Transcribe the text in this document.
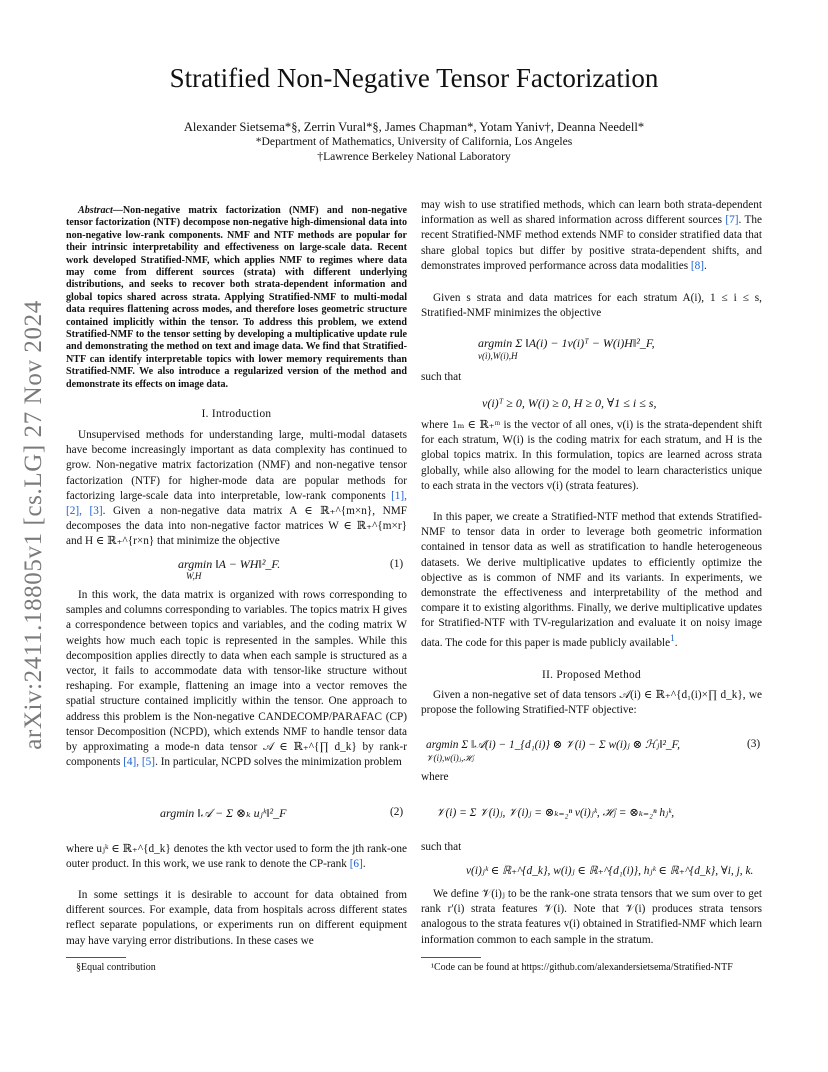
arXiv:2411.18805v1 [cs.LG] 27 Nov 2024
Stratified Non-Negative Tensor Factorization
Alexander Sietsema*§, Zerrin Vural*§, James Chapman*, Yotam Yaniv†, Deanna Needell*
*Department of Mathematics, University of California, Los Angeles
†Lawrence Berkeley National Laboratory

Abstract—Non-negative matrix factorization (NMF) and non-negative tensor factorization (NTF) decompose non-negative high-dimensional data into non-negative low-rank components. NMF and NTF methods are popular for their intrinsic interpretability and effectiveness on large-scale data. Recent work developed Stratified-NMF, which applies NMF to regimes where data may come from different sources (strata) with different underlying distributions, and seeks to recover both strata-dependent information and global topics shared across strata. Applying Stratified-NMF to multi-modal data requires flattening across modes, and therefore loses geometric structure contained implicitly within the tensor. To address this problem, we extend Stratified-NMF to the tensor setting by developing a multiplicative update rule and demonstrating the method on text and image data. We find that Stratified-NTF can identify interpretable topics with lower memory requirements than Stratified-NMF. We also introduce a regularized version of the method and demonstrate its effects on image data.

I. Introduction

Unsupervised methods for understanding large, multi-modal datasets have become increasingly important as data complexity has continued to grow. Non-negative matrix factorization (NMF) and non-negative tensor factorization (NTF) for higher-mode data are popular methods for factorizing large-scale data into interpretable, low-rank components [1], [2], [3]. Given a non-negative data matrix A ∈ ℝ₊^{m×n}, NMF decomposes the data into non-negative factor matrices W ∈ ℝ₊^{m×r} and H ∈ ℝ₊^{r×n} that minimize the objective

argmin ‖A − WH‖²_F.
W,H
(1)

In this work, the data matrix is organized with rows corresponding to samples and columns corresponding to variables. The topics matrix H gives a correspondence between topics and variables, and the coding matrix W weights how much each topic is represented in the samples. While this decomposition applies directly to data when each sample is structured as a vector, it fails to accommodate data with tensor-like structure without reshaping. For example, flattening an image into a vector removes the spatial structure contained implicitly within the tensor. One approach to address this problem is the Non-negative CANDECOMP/PARAFAC (CP) tensor Decomposition (NCPD), which extends NMF to handle tensor data by approximating a mode-n data tensor 𝒜 ∈ ℝ₊^{∏ d_k} by rank-r components [4], [5]. In particular, NCPD solves the minimization problem

argmin ‖𝒜 − Σ ⊗ₖ uⱼᵏ‖²_F	(2)

where uⱼᵏ ∈ ℝ₊^{d_k} denotes the kth vector used to form the jth rank-one outer product. In this work, we use rank to denote the CP-rank [6].

In some settings it is desirable to account for data obtained from different sources. For example, data from hospitals across different states reflect separate populations, or experiments run on different equipment may have varying error distributions. In these cases we

§Equal contribution

may wish to use stratified methods, which can learn both strata-dependent information as well as shared information across different sources [7]. The recent Stratified-NMF method extends NMF to consider stratified data that share global topics but differ by positive strata-dependent shifts, and demonstrates improved performance across data modalities [8].

Given s strata and data matrices for each stratum A(i), 1 ≤ i ≤ s, Stratified-NMF minimizes the objective

argmin Σ ‖A(i) − 1v(i)ᵀ − W(i)H‖²_F,
v(i),W(i),H

such that

v(i)ᵀ ≥ 0, W(i) ≥ 0, H ≥ 0, ∀1 ≤ i ≤ s,

where 1ₘ ∈ ℝ₊ᵐ is the vector of all ones, v(i) is the strata-dependent shift for each stratum, W(i) is the coding matrix for each stratum, and H is the global topics matrix. In this formulation, topics are learned across strata globally, while also allowing for the model to learn characteristics unique to each strata in the vectors v(i) (strata features).

In this paper, we create a Stratified-NTF method that extends Stratified-NMF to tensor data in order to leverage both geometric information contained in tensor data as well as stratification to handle heterogeneous datasets. We derive multiplicative updates to efficiently optimize the objective as is common of NMF and its variants. In experiments, we demonstrate the effectiveness and interpretability of the method and compare it to existing algorithms. Finally, we derive multiplicative updates for Stratified-NTF with TV-regularization and evaluate it on noisy image data. The code for this paper is made publicly available$^1$.

II. Proposed Method

Given a non-negative set of data tensors 𝒜(i) ∈ ℝ₊^{d₁(i)×∏ d_k}, we propose the following Stratified-NTF objective:

argmin Σ ‖𝒜(i) − 1_{d₁(i)} ⊗ 𝒱(i) − Σ w(i)ⱼ ⊗ ℋⱼ‖²_F,
𝒱(i),w(i)ⱼ,ℋⱼ
(3)

where

𝒱(i) = Σ 𝒱(i)ⱼ, 𝒱(i)ⱼ = ⊗ₖ₌₂ⁿ v(i)ⱼᵏ, ℋⱼ = ⊗ₖ₌₂ⁿ hⱼᵏ,

such that

v(i)ⱼᵏ ∈ ℝ₊^{d_k}, w(i)ⱼ ∈ ℝ₊^{d₁(i)}, hⱼᵏ ∈ ℝ₊^{d_k}, ∀i, j, k.

We define 𝒱(i)ⱼ to be the rank-one strata tensors that we sum over to get rank r′(i) strata features 𝒱(i). Note that 𝒱(i) produces strata tensors analogous to the strata features v(i) obtained in Stratified-NMF which learn information common to each sample in the stratum.

¹Code can be found at https://github.com/alexandersietsema/Stratified-NTF
